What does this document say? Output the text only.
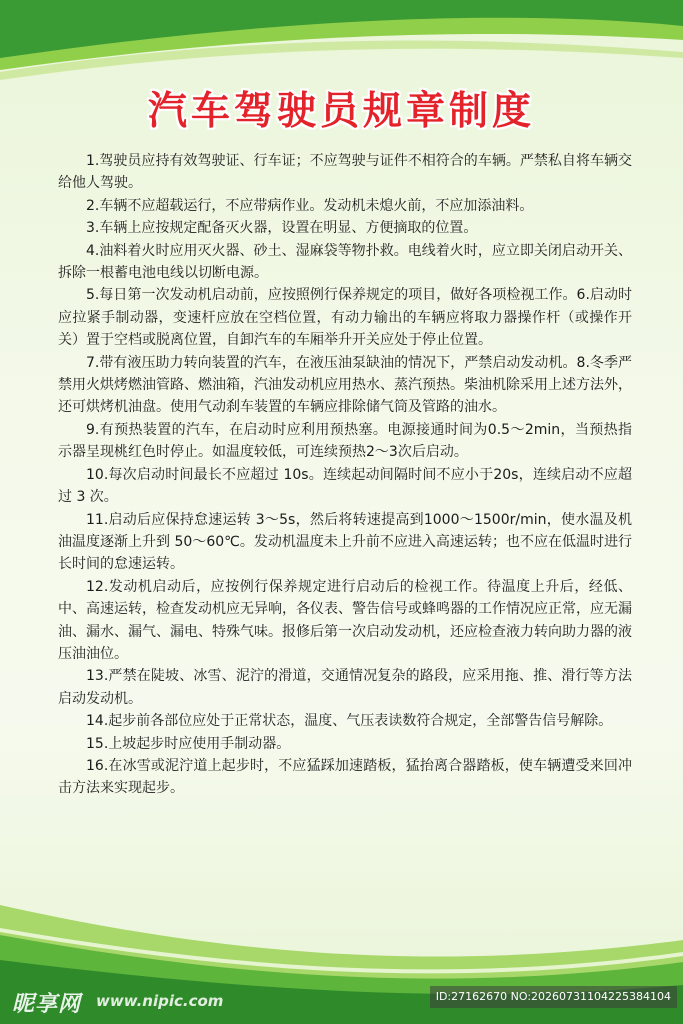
汽车驾驶员规章制度
1.驾驶员应持有效驾驶证、行车证；不应驾驶与证件不相符合的车辆。严禁私自将车辆交给他人驾驶。
2.车辆不应超载运行，不应带病作业。发动机未熄火前，不应加添油料。
3.车辆上应按规定配备灭火器，设置在明显、方便摘取的位置。
4.油料着火时应用灭火器、砂土、湿麻袋等物扑救。电线着火时，应立即关闭启动开关、拆除一根蓄电池电线以切断电源。
5.每日第一次发动机启动前，应按照例行保养规定的项目，做好各项检视工作。6.启动时应拉紧手制动器，变速杆应放在空档位置，有动力输出的车辆应将取力器操作杆（或操作开关）置于空档或脱离位置，自卸汽车的车厢举升开关应处于停止位置。
7.带有液压助力转向装置的汽车，在液压油泵缺油的情况下，严禁启动发动机。8.冬季严禁用火烘烤燃油管路、燃油箱，汽油发动机应用热水、蒸汽预热。柴油机除采用上述方法外，还可烘烤机油盘。使用气动刹车装置的车辆应排除储气筒及管路的油水。
9.有预热装置的汽车，在启动时应利用预热塞。电源接通时间为0.5～2min，当预热指示器呈现桃红色时停止。如温度较低，可连续预热2～3次后启动。
10.每次启动时间最长不应超过 10s。连续起动间隔时间不应小于20s，连续启动不应超过 3 次。
11.启动后应保持怠速运转 3～5s，然后将转速提高到1000～1500r/min，使水温及机油温度逐渐上升到 50～60℃。发动机温度未上升前不应进入高速运转；也不应在低温时进行长时间的怠速运转。
12.发动机启动后，应按例行保养规定进行启动后的检视工作。待温度上升后，经低、中、高速运转，检查发动机应无异响，各仪表、警告信号或蜂鸣器的工作情况应正常，应无漏油、漏水、漏气、漏电、特殊气味。报修后第一次启动发动机，还应检查液力转向助力器的液压油油位。
13.严禁在陡坡、冰雪、泥泞的滑道，交通情况复杂的路段，应采用拖、推、滑行等方法启动发动机。
14.起步前各部位应处于正常状态，温度、气压表读数符合规定，全部警告信号解除。
15.上坡起步时应使用手制动器。
16.在冰雪或泥泞道上起步时，不应猛踩加速踏板，猛抬离合器踏板，使车辆遭受来回冲击方法来实现起步。
昵享网 www.nipic.com	ID:27162670 NO:20260731104225384104
